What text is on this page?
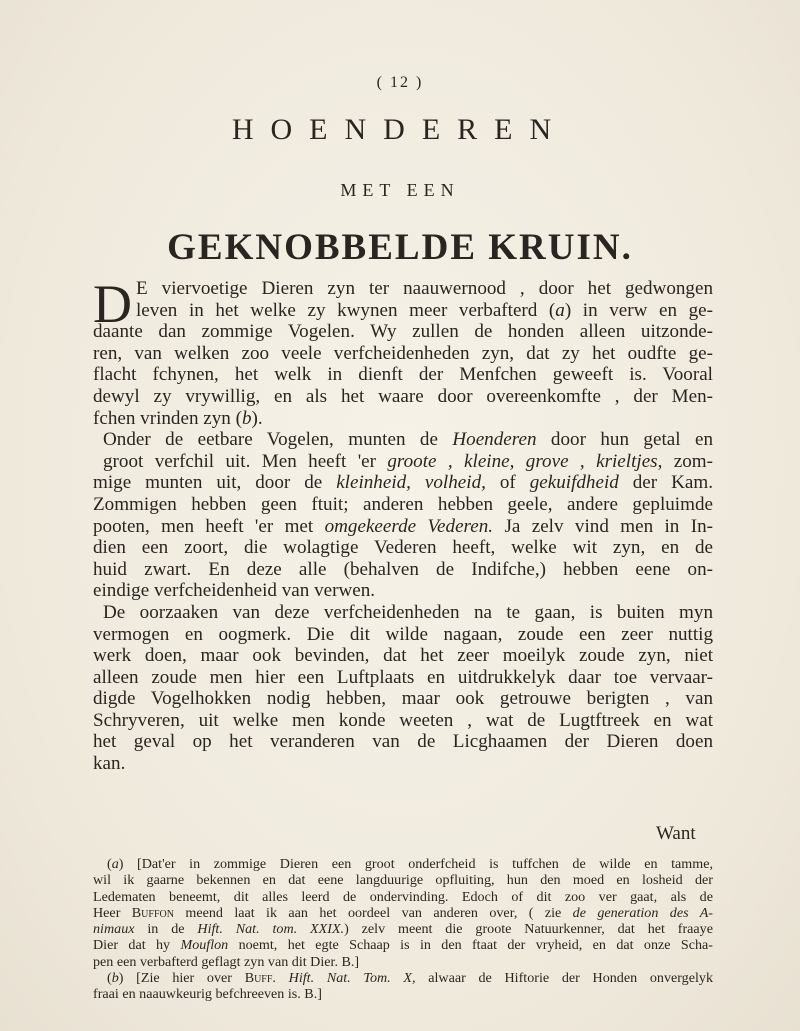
( 12 )
HOENDEREN
MET EEN
GEKNOBBELDE KRUIN.
D E viervoetige Dieren zyn ter naauwernood , door het gedwongen
leven in het welke zy kwynen meer verbafterd (a) in verw en ge-
daante dan zommige Vogelen. Wy zullen de honden alleen uitzonde-
ren, van welken zoo veele verfcheidenheden zyn, dat zy het oudfte ge-
flacht fchynen, het welk in dienft der Menfchen geweeft is. Vooral
dewyl zy vrywillig, en als het waare door overeenkomfte , der Men-
fchen vrinden zyn (b).
Onder de eetbare Vogelen, munten de Hoenderen door hun getal en
groot verfchil uit. Men heeft 'er groote , kleine, grove , krieltjes, zom-
mige munten uit, door de kleinheid, volheid, of gekuifdheid der Kam.
Zommigen hebben geen ftuit; anderen hebben geele, andere gepluimde
pooten, men heeft 'er met omgekeerde Vederen. Ja zelv vind men in In-
dien een zoort, die wolagtige Vederen heeft, welke wit zyn, en de
huid zwart. En deze alle (behalven de Indifche,) hebben eene on-
eindige verfcheidenheid van verwen.
De oorzaaken van deze verfcheidenheden na te gaan, is buiten myn
vermogen en oogmerk. Die dit wilde nagaan, zoude een zeer nuttig
werk doen, maar ook bevinden, dat het zeer moeilyk zoude zyn, niet
alleen zoude men hier een Luftplaats en uitdrukkelyk daar toe vervaar-
digde Vogelhokken nodig hebben, maar ook getrouwe berigten , van
Schryveren, uit welke men konde weeten , wat de Lugtftreek en wat
het geval op het veranderen van de Licghaamen der Dieren doen
kan.
Want
(a) [Dat'er in zommige Dieren een groot onderfcheid is tuffchen de wilde en tamme,
wil ik gaarne bekennen en dat eene langduurige opfluiting, hun den moed en losheid der
Ledematen beneemt, dit alles leerd de ondervinding. Edoch of dit zoo ver gaat, als de
Heer Buffon meend laat ik aan het oordeel van anderen over, ( zie de generation des A-
nimaux in de Hift. Nat. tom. XXIX.) zelv meent die groote Natuurkenner, dat het fraaye
Dier dat hy Mouflon noemt, het egte Schaap is in den ftaat der vryheid, en dat onze Scha-
pen een verbafterd geflagt zyn van dit Dier. B.]
(b) [Zie hier over Buff. Hift. Nat. Tom. X, alwaar de Hiftorie der Honden onvergelyk
fraai en naauwkeurig befchreeven is. B.]
